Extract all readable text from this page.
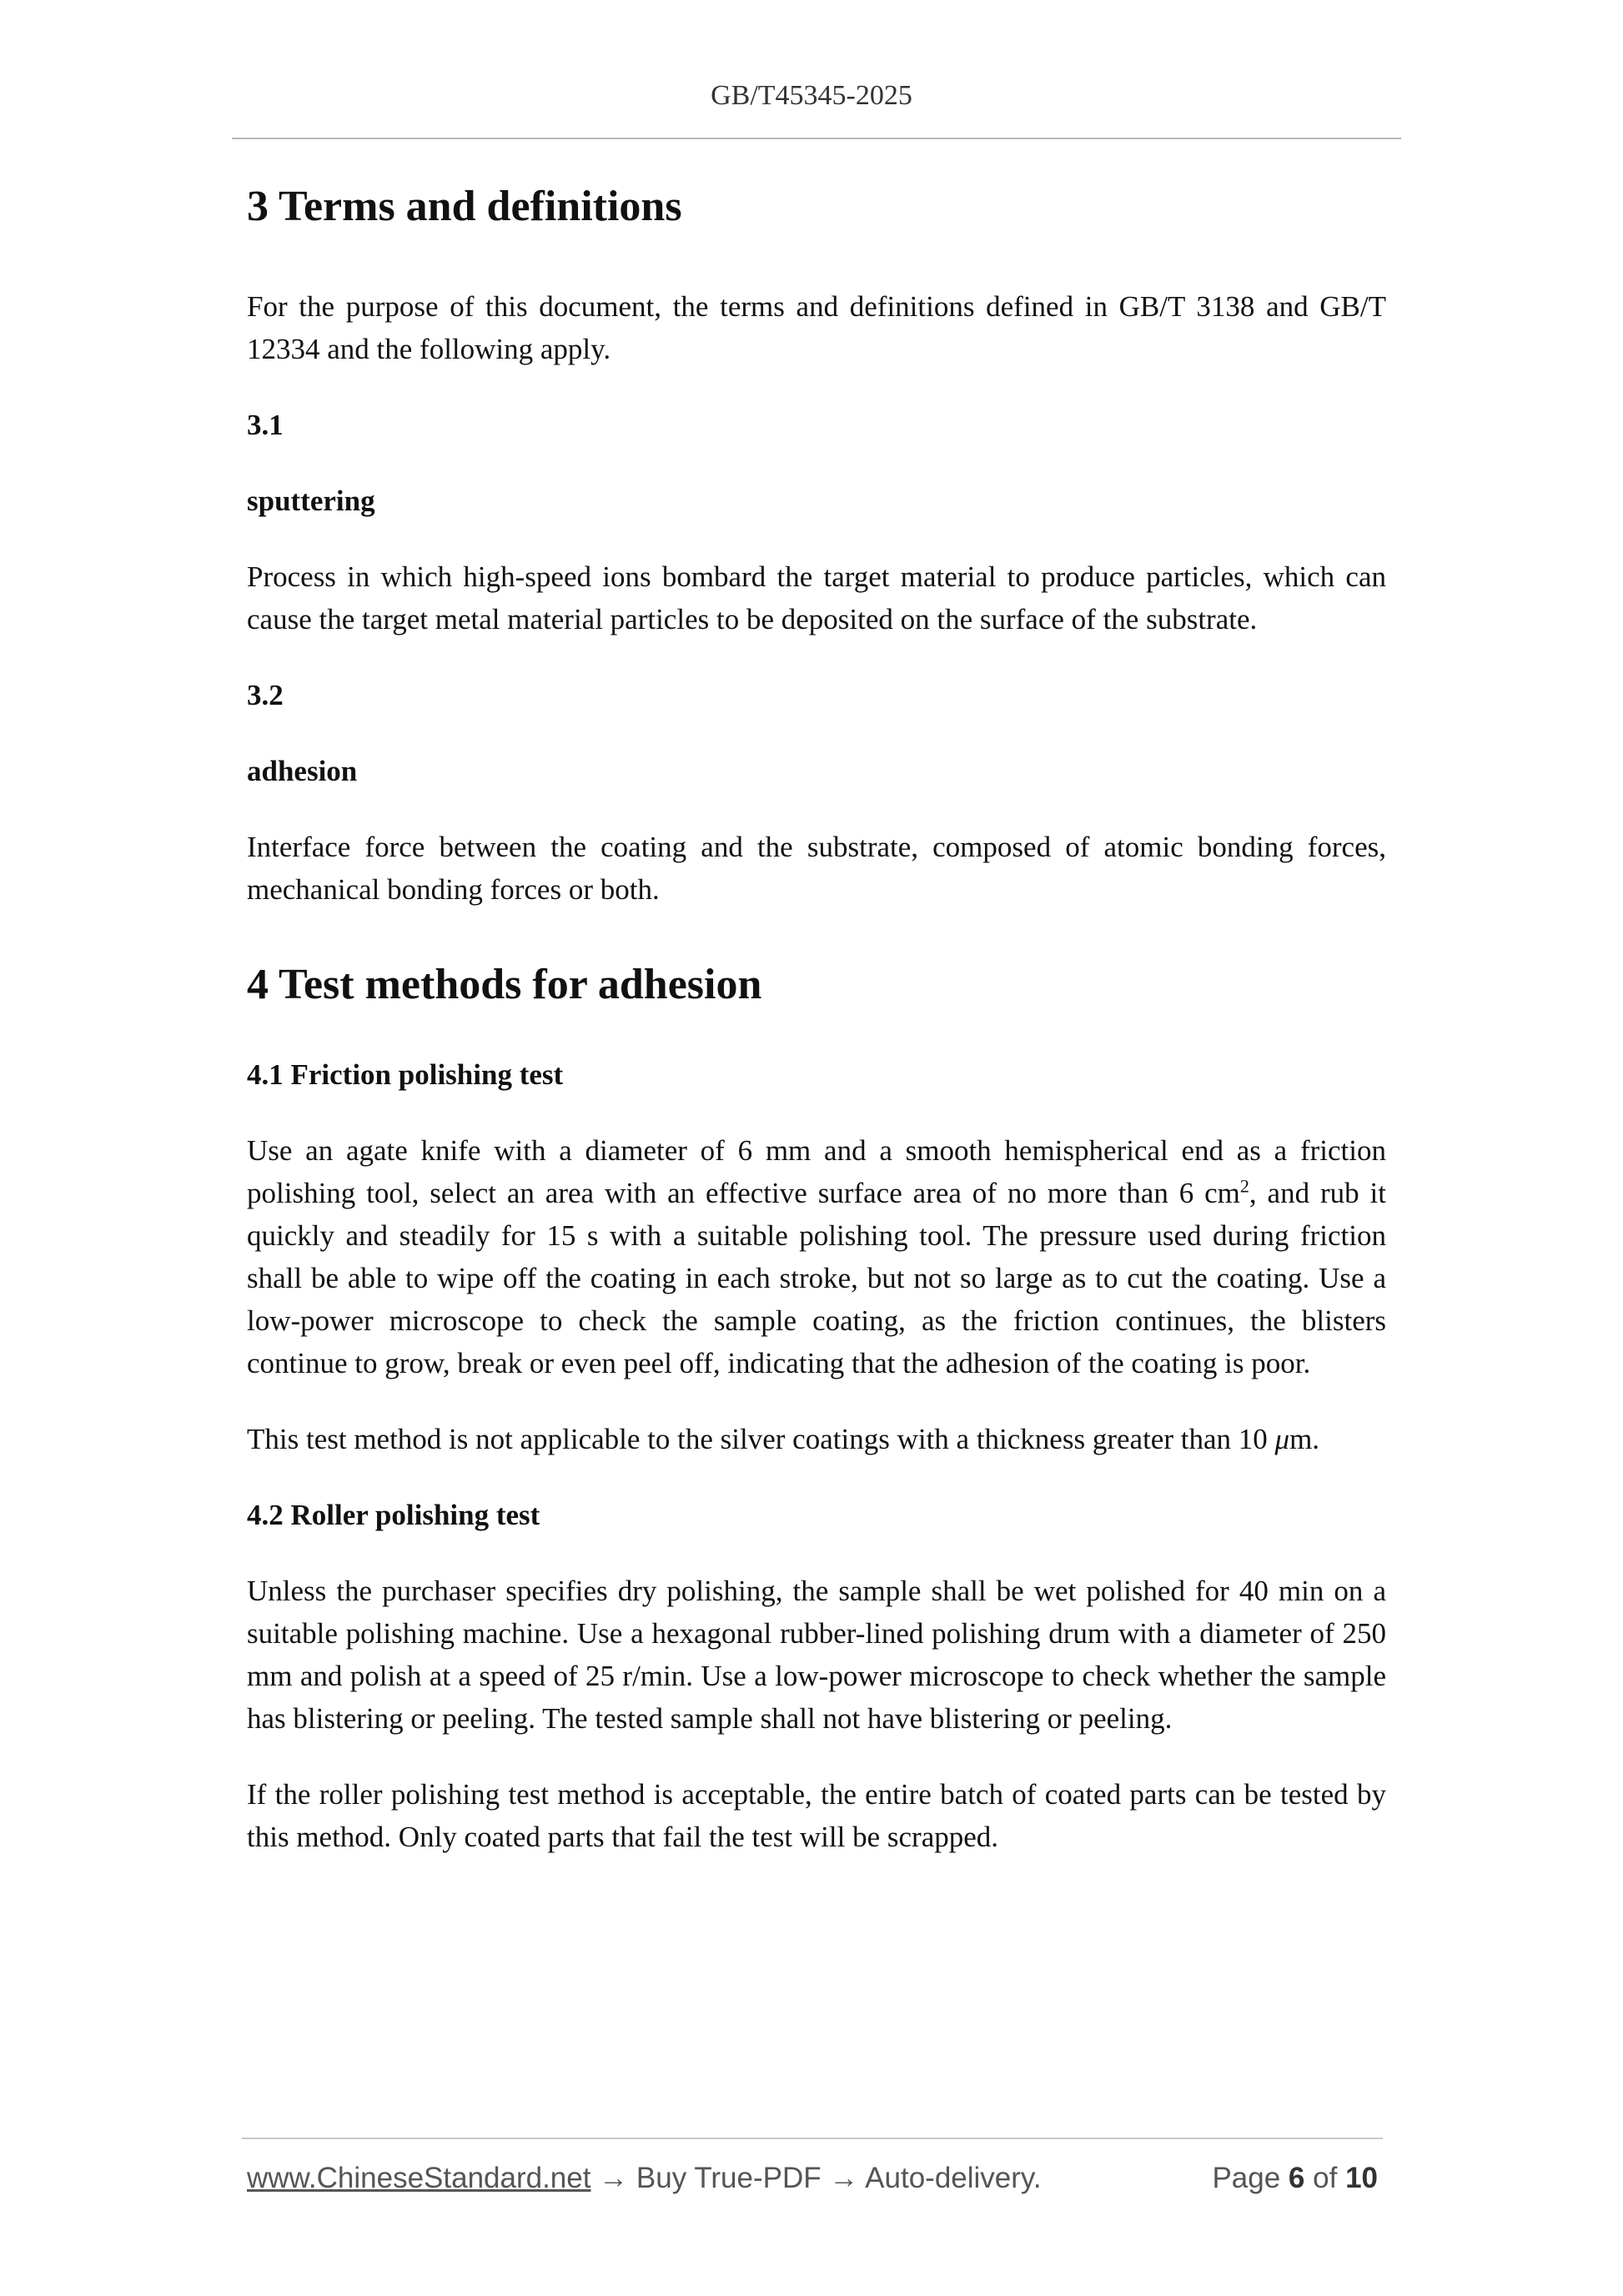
GB/T45345-2025
3 Terms and definitions

For the purpose of this document, the terms and definitions defined in GB/T 3138 and GB/T 12334 and the following apply.

3.1

sputtering

Process in which high-speed ions bombard the target material to produce particles, which can cause the target metal material particles to be deposited on the surface of the substrate.

3.2

adhesion

Interface force between the coating and the substrate, composed of atomic bonding forces, mechanical bonding forces or both.

4 Test methods for adhesion

4.1 Friction polishing test

Use an agate knife with a diameter of 6 mm and a smooth hemispherical end as a friction polishing tool, select an area with an effective surface area of no more than 6 $cm^2$, and rub it quickly and steadily for 15 s with a suitable polishing tool. The pressure used during friction shall be able to wipe off the coating in each stroke, but not so large as to cut the coating. Use a low-power microscope to check the sample coating, as the friction continues, the blisters continue to grow, break or even peel off, indicating that the adhesion of the coating is poor.

This test method is not applicable to the silver coatings with a thickness greater than 10 μm.

4.2 Roller polishing test

Unless the purchaser specifies dry polishing, the sample shall be wet polished for 40 min on a suitable polishing machine. Use a hexagonal rubber-lined polishing drum with a diameter of 250 mm and polish at a speed of 25 r/min. Use a low-power microscope to check whether the sample has blistering or peeling. The tested sample shall not have blistering or peeling.

If the roller polishing test method is acceptable, the entire batch of coated parts can be tested by this method. Only coated parts that fail the test will be scrapped.

www.ChineseStandard.net → Buy True-PDF → Auto-delivery.	Page 6 of 10
